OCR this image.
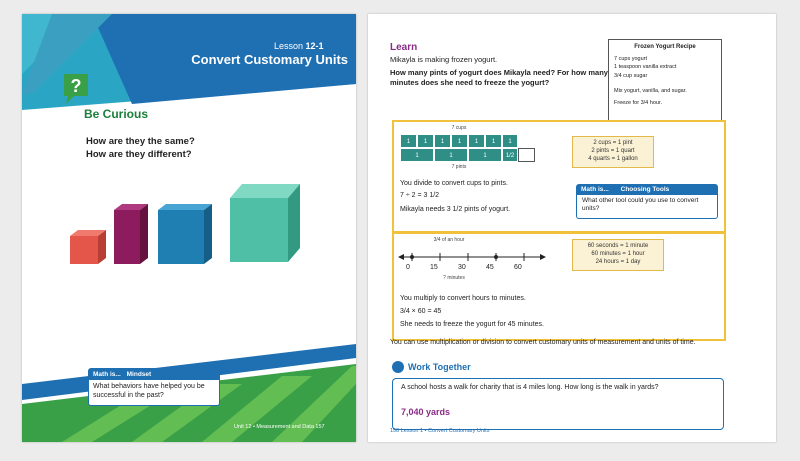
Lesson 12-1
Convert Customary Units
?
Be Curious
How are they the same?
How are they different?
Math is... Mindset
What behaviors have helped you be successful in the past?
Unit 12 • Measurement and Data 157
Learn
Mikayla is making frozen yogurt.
How many pints of yogurt does Mikayla need? For how many minutes does she need to freeze the yogurt?
Frozen Yogurt Recipe
7 cups yogurt
1 teaspoon vanilla extract
3/4 cup sugar
Mix yogurt, vanilla, and sugar.
Freeze for 3/4 hour.
7 cups
1	1	1	1	1	1	1
1	1	1	1/2
7 pints
2 cups = 1 pint
2 pints = 1 quart
4 quarts = 1 gallon
You divide to convert cups to pints.
7 ÷ 2 = 3 1/2
Mikayla needs 3 1/2 pints of yogurt.
Math is... Choosing Tools
What other tool could you use to convert units?
3/4 of an hour
0	15	30	45	60
? minutes
60 seconds = 1 minute
60 minutes = 1 hour
24 hours = 1 day
You multiply to convert hours to minutes.
3/4 × 60 = 45
She needs to freeze the yogurt for 45 minutes.
You can use multiplication or division to convert customary units of measurement and units of time.
Work Together
A school hosts a walk for charity that is 4 miles long. How long is the walk in yards?
7,040 yards
158 Lesson 1 • Convert Customary Units
